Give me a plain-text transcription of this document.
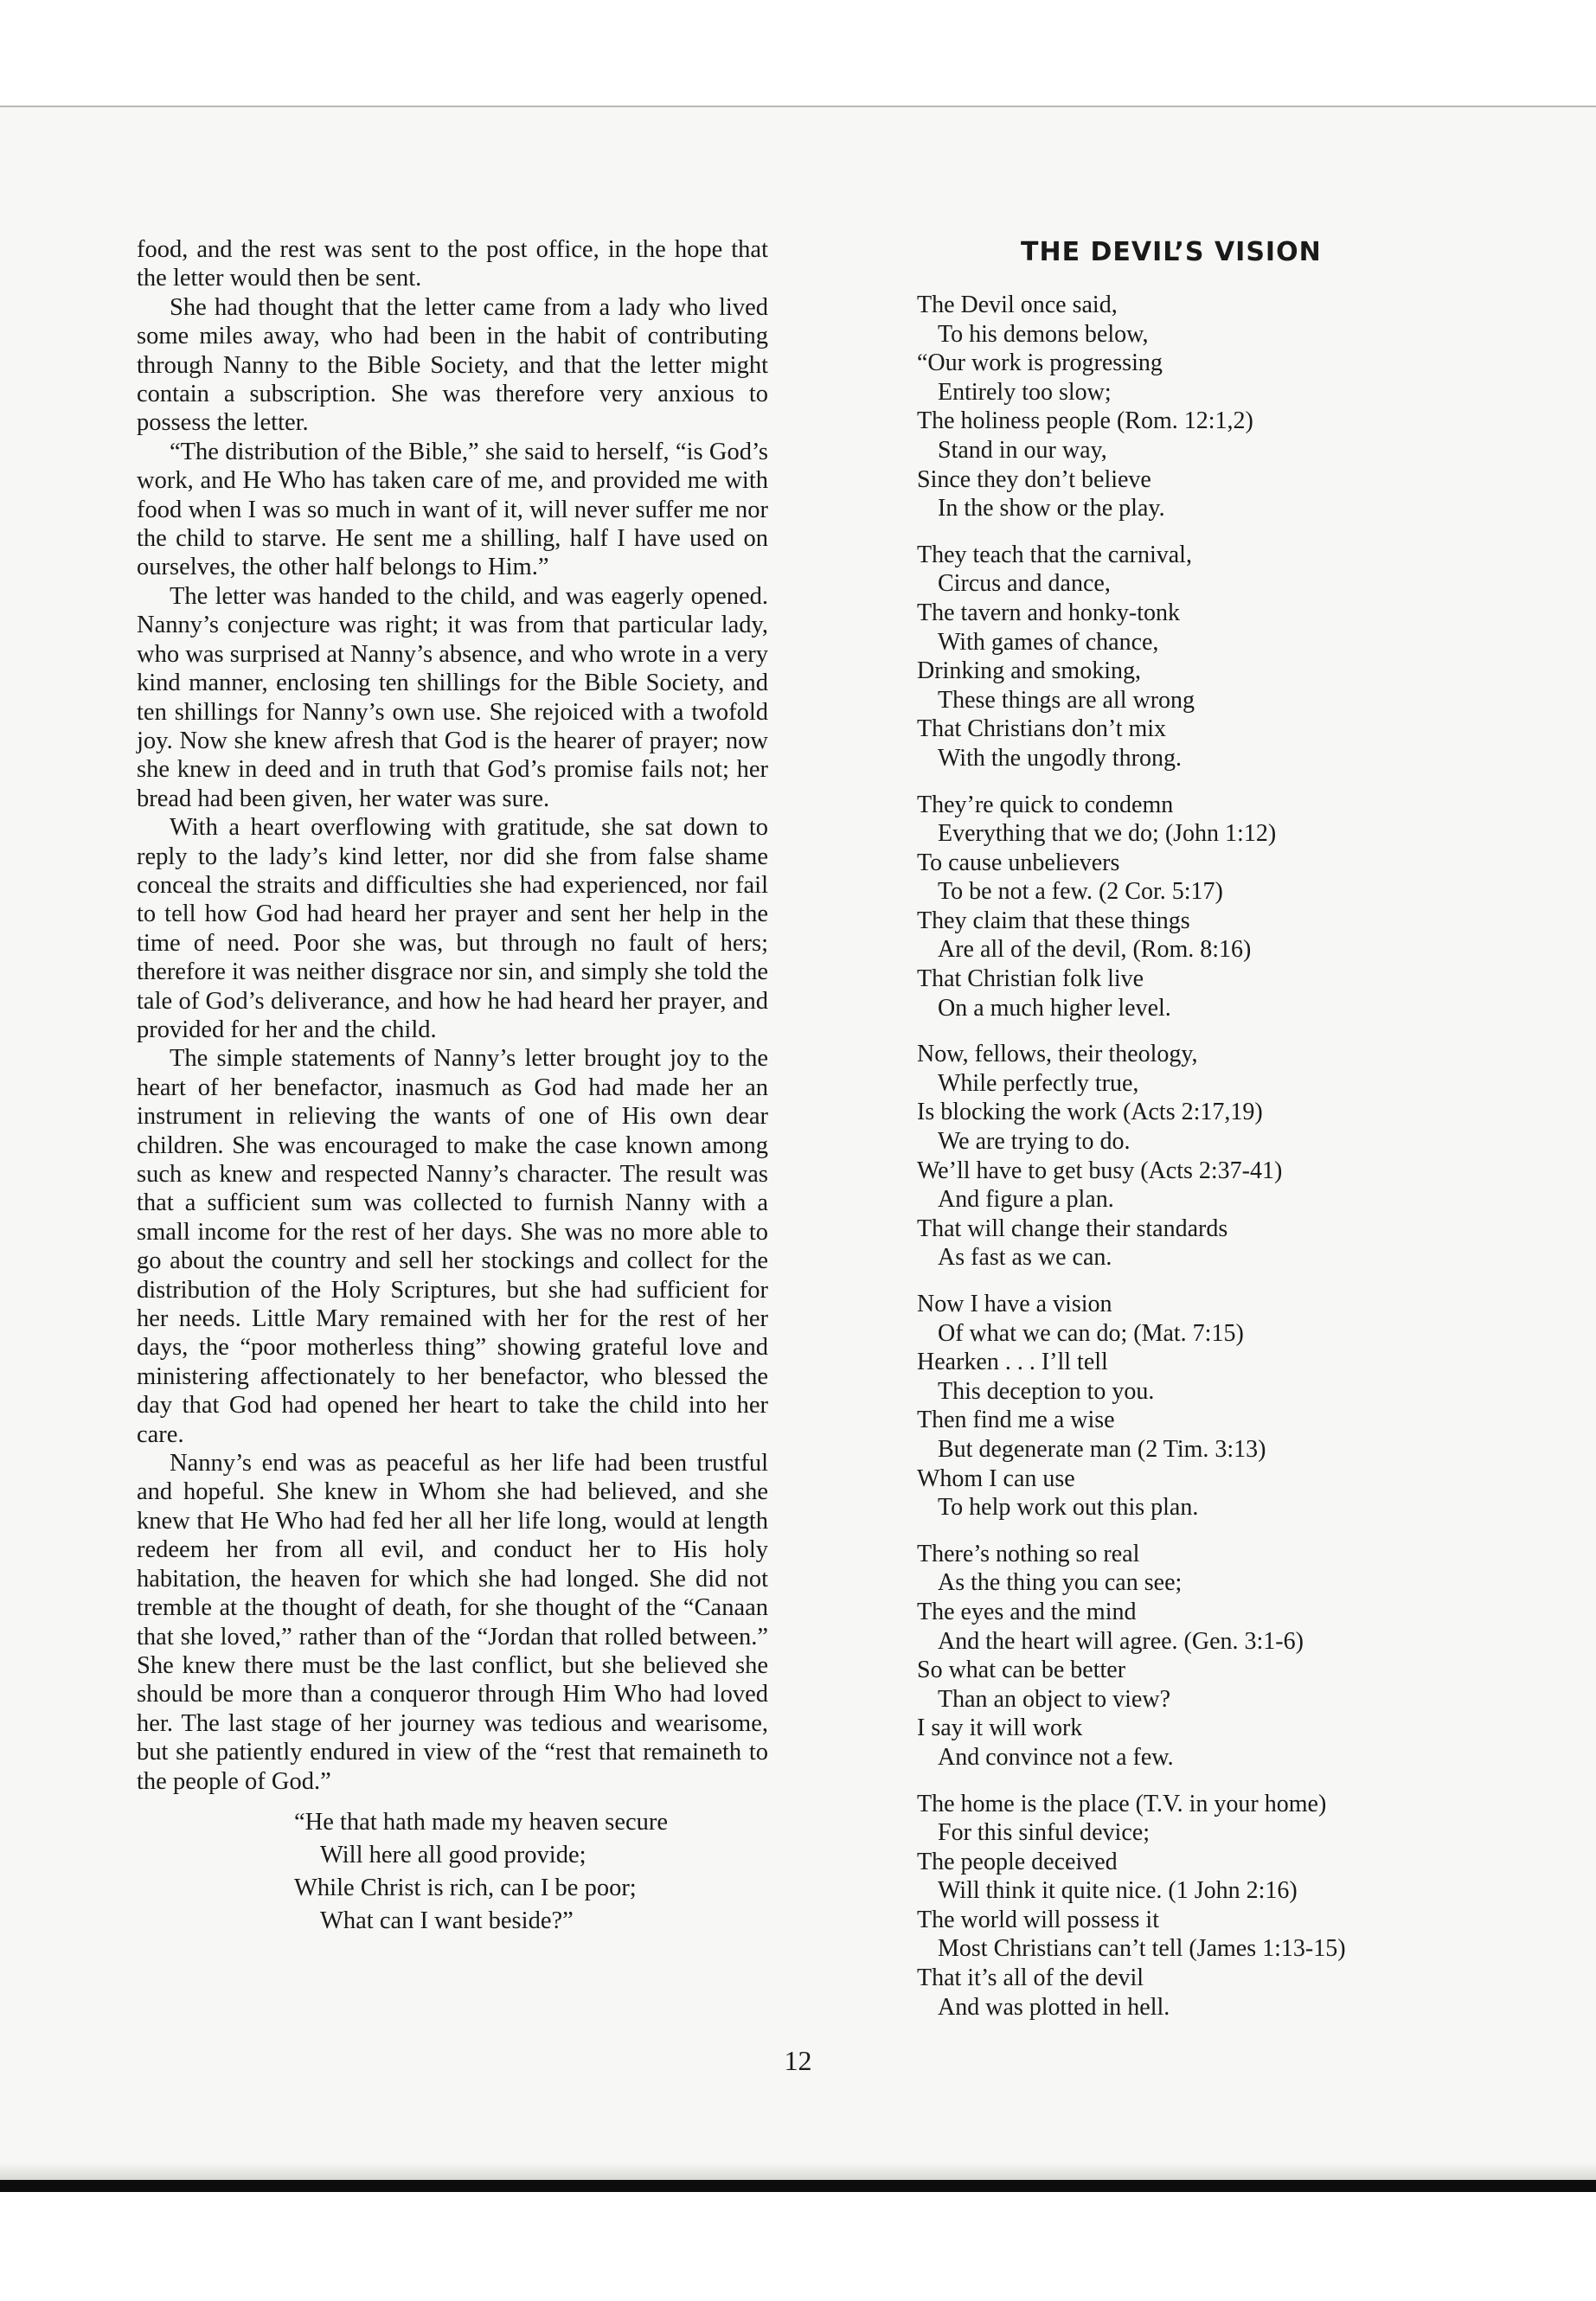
food, and the rest was sent to the post office, in the hope that the letter would then be sent.

She had thought that the letter came from a lady who lived some miles away, who had been in the habit of contributing through Nanny to the Bible Society, and that the letter might contain a subscription. She was therefore very anxious to possess the letter.

“The distribution of the Bible,” she said to herself, “is God’s work, and He Who has taken care of me, and provided me with food when I was so much in want of it, will never suffer me nor the child to starve. He sent me a shilling, half I have used on ourselves, the other half belongs to Him.”

The letter was handed to the child, and was eagerly opened. Nanny’s conjecture was right; it was from that particular lady, who was surprised at Nanny’s absence, and who wrote in a very kind manner, enclosing ten shillings for the Bible Society, and ten shillings for Nanny’s own use. She rejoiced with a twofold joy. Now she knew afresh that God is the hearer of prayer; now she knew in deed and in truth that God’s promise fails not; her bread had been given, her water was sure.

With a heart overflowing with gratitude, she sat down to reply to the lady’s kind letter, nor did she from false shame conceal the straits and difficulties she had experienced, nor fail to tell how God had heard her prayer and sent her help in the time of need. Poor she was, but through no fault of hers; therefore it was neither disgrace nor sin, and simply she told the tale of God’s deliverance, and how he had heard her prayer, and provided for her and the child.

The simple statements of Nanny’s letter brought joy to the heart of her benefactor, inasmuch as God had made her an instrument in relieving the wants of one of His own dear children. She was encouraged to make the case known among such as knew and respected Nanny’s character. The result was that a sufficient sum was collected to furnish Nanny with a small income for the rest of her days. She was no more able to go about the country and sell her stockings and collect for the distribution of the Holy Scriptures, but she had sufficient for her needs. Little Mary remained with her for the rest of her days, the “poor motherless thing” showing grateful love and ministering affectionately to her benefactor, who blessed the day that God had opened her heart to take the child into her care.

Nanny’s end was as peaceful as her life had been trustful and hopeful. She knew in Whom she had believed, and she knew that He Who had fed her all her life long, would at length redeem her from all evil, and conduct her to His holy habitation, the heaven for which she had longed. She did not tremble at the thought of death, for she thought of the “Canaan that she loved,” rather than of the “Jordan that rolled between.” She knew there must be the last conflict, but she believed she should be more than a conqueror through Him Who had loved her. The last stage of her journey was tedious and wearisome, but she patiently endured in view of the “rest that remaineth to the people of God.”

“He that hath made my heaven secure
Will here all good provide;
While Christ is rich, can I be poor;
What can I want beside?”
THE DEVIL’S VISION
The Devil once said,
To his demons below,
“Our work is progressing
Entirely too slow;
The holiness people (Rom. 12:1,2)
Stand in our way,
Since they don’t believe
In the show or the play.
They teach that the carnival,
Circus and dance,
The tavern and honky-tonk
With games of chance,
Drinking and smoking,
These things are all wrong
That Christians don’t mix
With the ungodly throng.
They’re quick to condemn
Everything that we do; (John 1:12)
To cause unbelievers
To be not a few. (2 Cor. 5:17)
They claim that these things
Are all of the devil, (Rom. 8:16)
That Christian folk live
On a much higher level.
Now, fellows, their theology,
While perfectly true,
Is blocking the work (Acts 2:17,19)
We are trying to do.
We’ll have to get busy (Acts 2:37-41)
And figure a plan.
That will change their standards
As fast as we can.
Now I have a vision
Of what we can do; (Mat. 7:15)
Hearken . . . I’ll tell
This deception to you.
Then find me a wise
But degenerate man (2 Tim. 3:13)
Whom I can use
To help work out this plan.
There’s nothing so real
As the thing you can see;
The eyes and the mind
And the heart will agree. (Gen. 3:1-6)
So what can be better
Than an object to view?
I say it will work
And convince not a few.
The home is the place (T.V. in your home)
For this sinful device;
The people deceived
Will think it quite nice. (1 John 2:16)
The world will possess it
Most Christians can’t tell (James 1:13-15)
That it’s all of the devil
And was plotted in hell.
12
